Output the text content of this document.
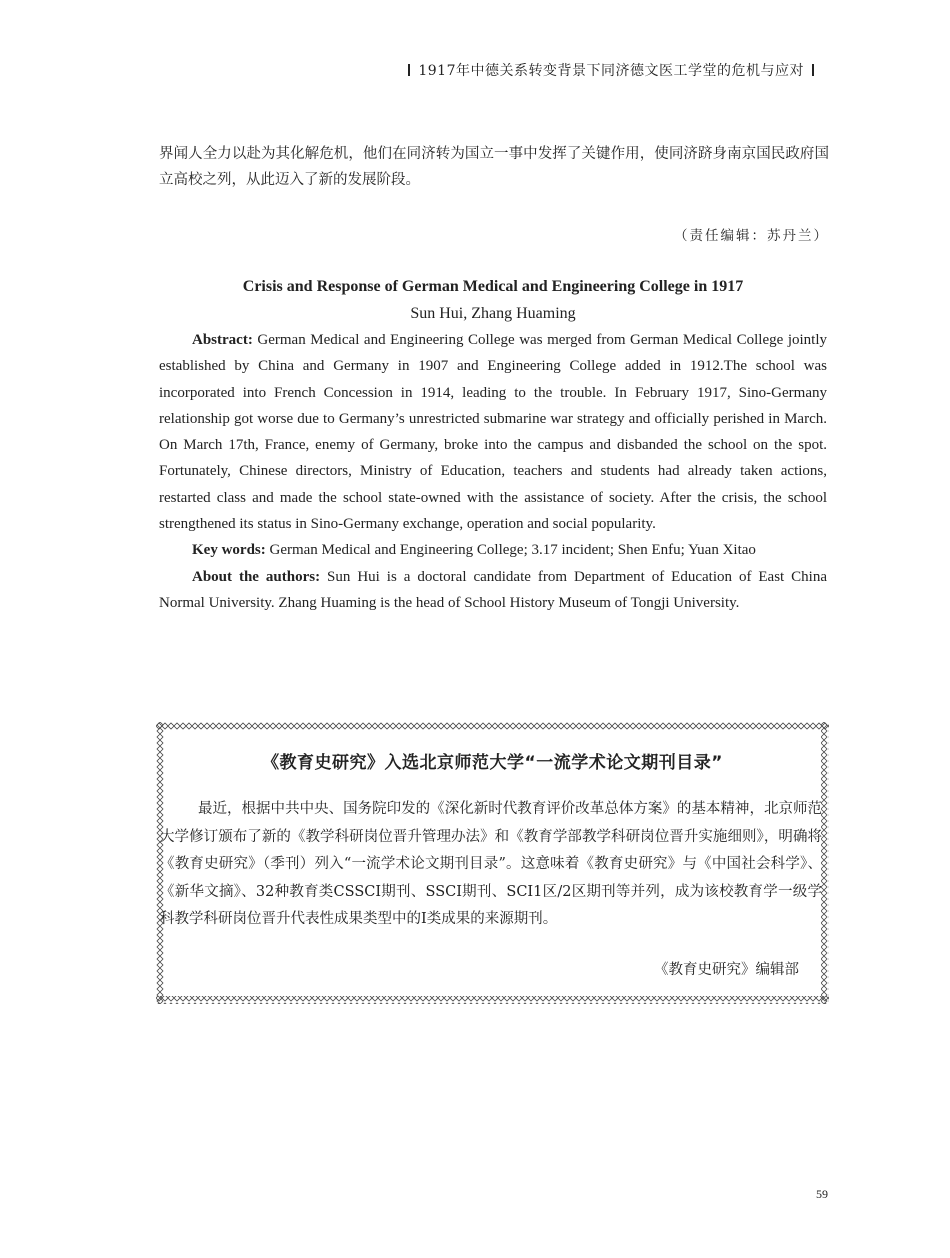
1917年中德关系转变背景下同济德文医工学堂的危机与应对
界闻人全力以赴为其化解危机，他们在同济转为国立一事中发挥了关键作用，使同济跻身南京国民政府国立高校之列，从此迈入了新的发展阶段。
（责任编辑：苏丹兰）
Crisis and Response of German Medical and Engineering College in 1917
Sun Hui, Zhang Huaming

Abstract: German Medical and Engineering College was merged from German Medical College jointly established by China and Germany in 1907 and Engineering College added in 1912.The school was incorporated into French Concession in 1914, leading to the trouble. In February 1917, Sino-Germany relationship got worse due to Germany’s unrestricted submarine war strategy and officially perished in March. On March 17th, France, enemy of Germany, broke into the campus and disbanded the school on the spot. Fortunately, Chinese directors, Ministry of Education, teachers and students had already taken actions, restarted class and made the school state-owned with the assistance of society. After the crisis, the school strengthened its status in Sino-Germany exchange, operation and social popularity.

Key words: German Medical and Engineering College; 3.17 incident; Shen Enfu; Yuan Xitao

About the authors: Sun Hui is a doctoral candidate from Department of Education of East China Normal University. Zhang Huaming is the head of School History Museum of Tongji University.

《教育史研究》入选北京师范大学“一流学术论文期刊目录”
最近，根据中共中央、国务院印发的《深化新时代教育评价改革总体方案》的基本精神，北京师范大学修订颁布了新的《教学科研岗位晋升管理办法》和《教育学部教学科研岗位晋升实施细则》，明确将《教育史研究》（季刊）列入“一流学术论文期刊目录”。这意味着《教育史研究》与《中国社会科学》、《新华文摘》、32种教育类CSSCI期刊、SSCI期刊、SCI1区/2区期刊等并列，成为该校教育学一级学科教学科研岗位晋升代表性成果类型中的I类成果的来源期刊。
《教育史研究》编辑部
59
